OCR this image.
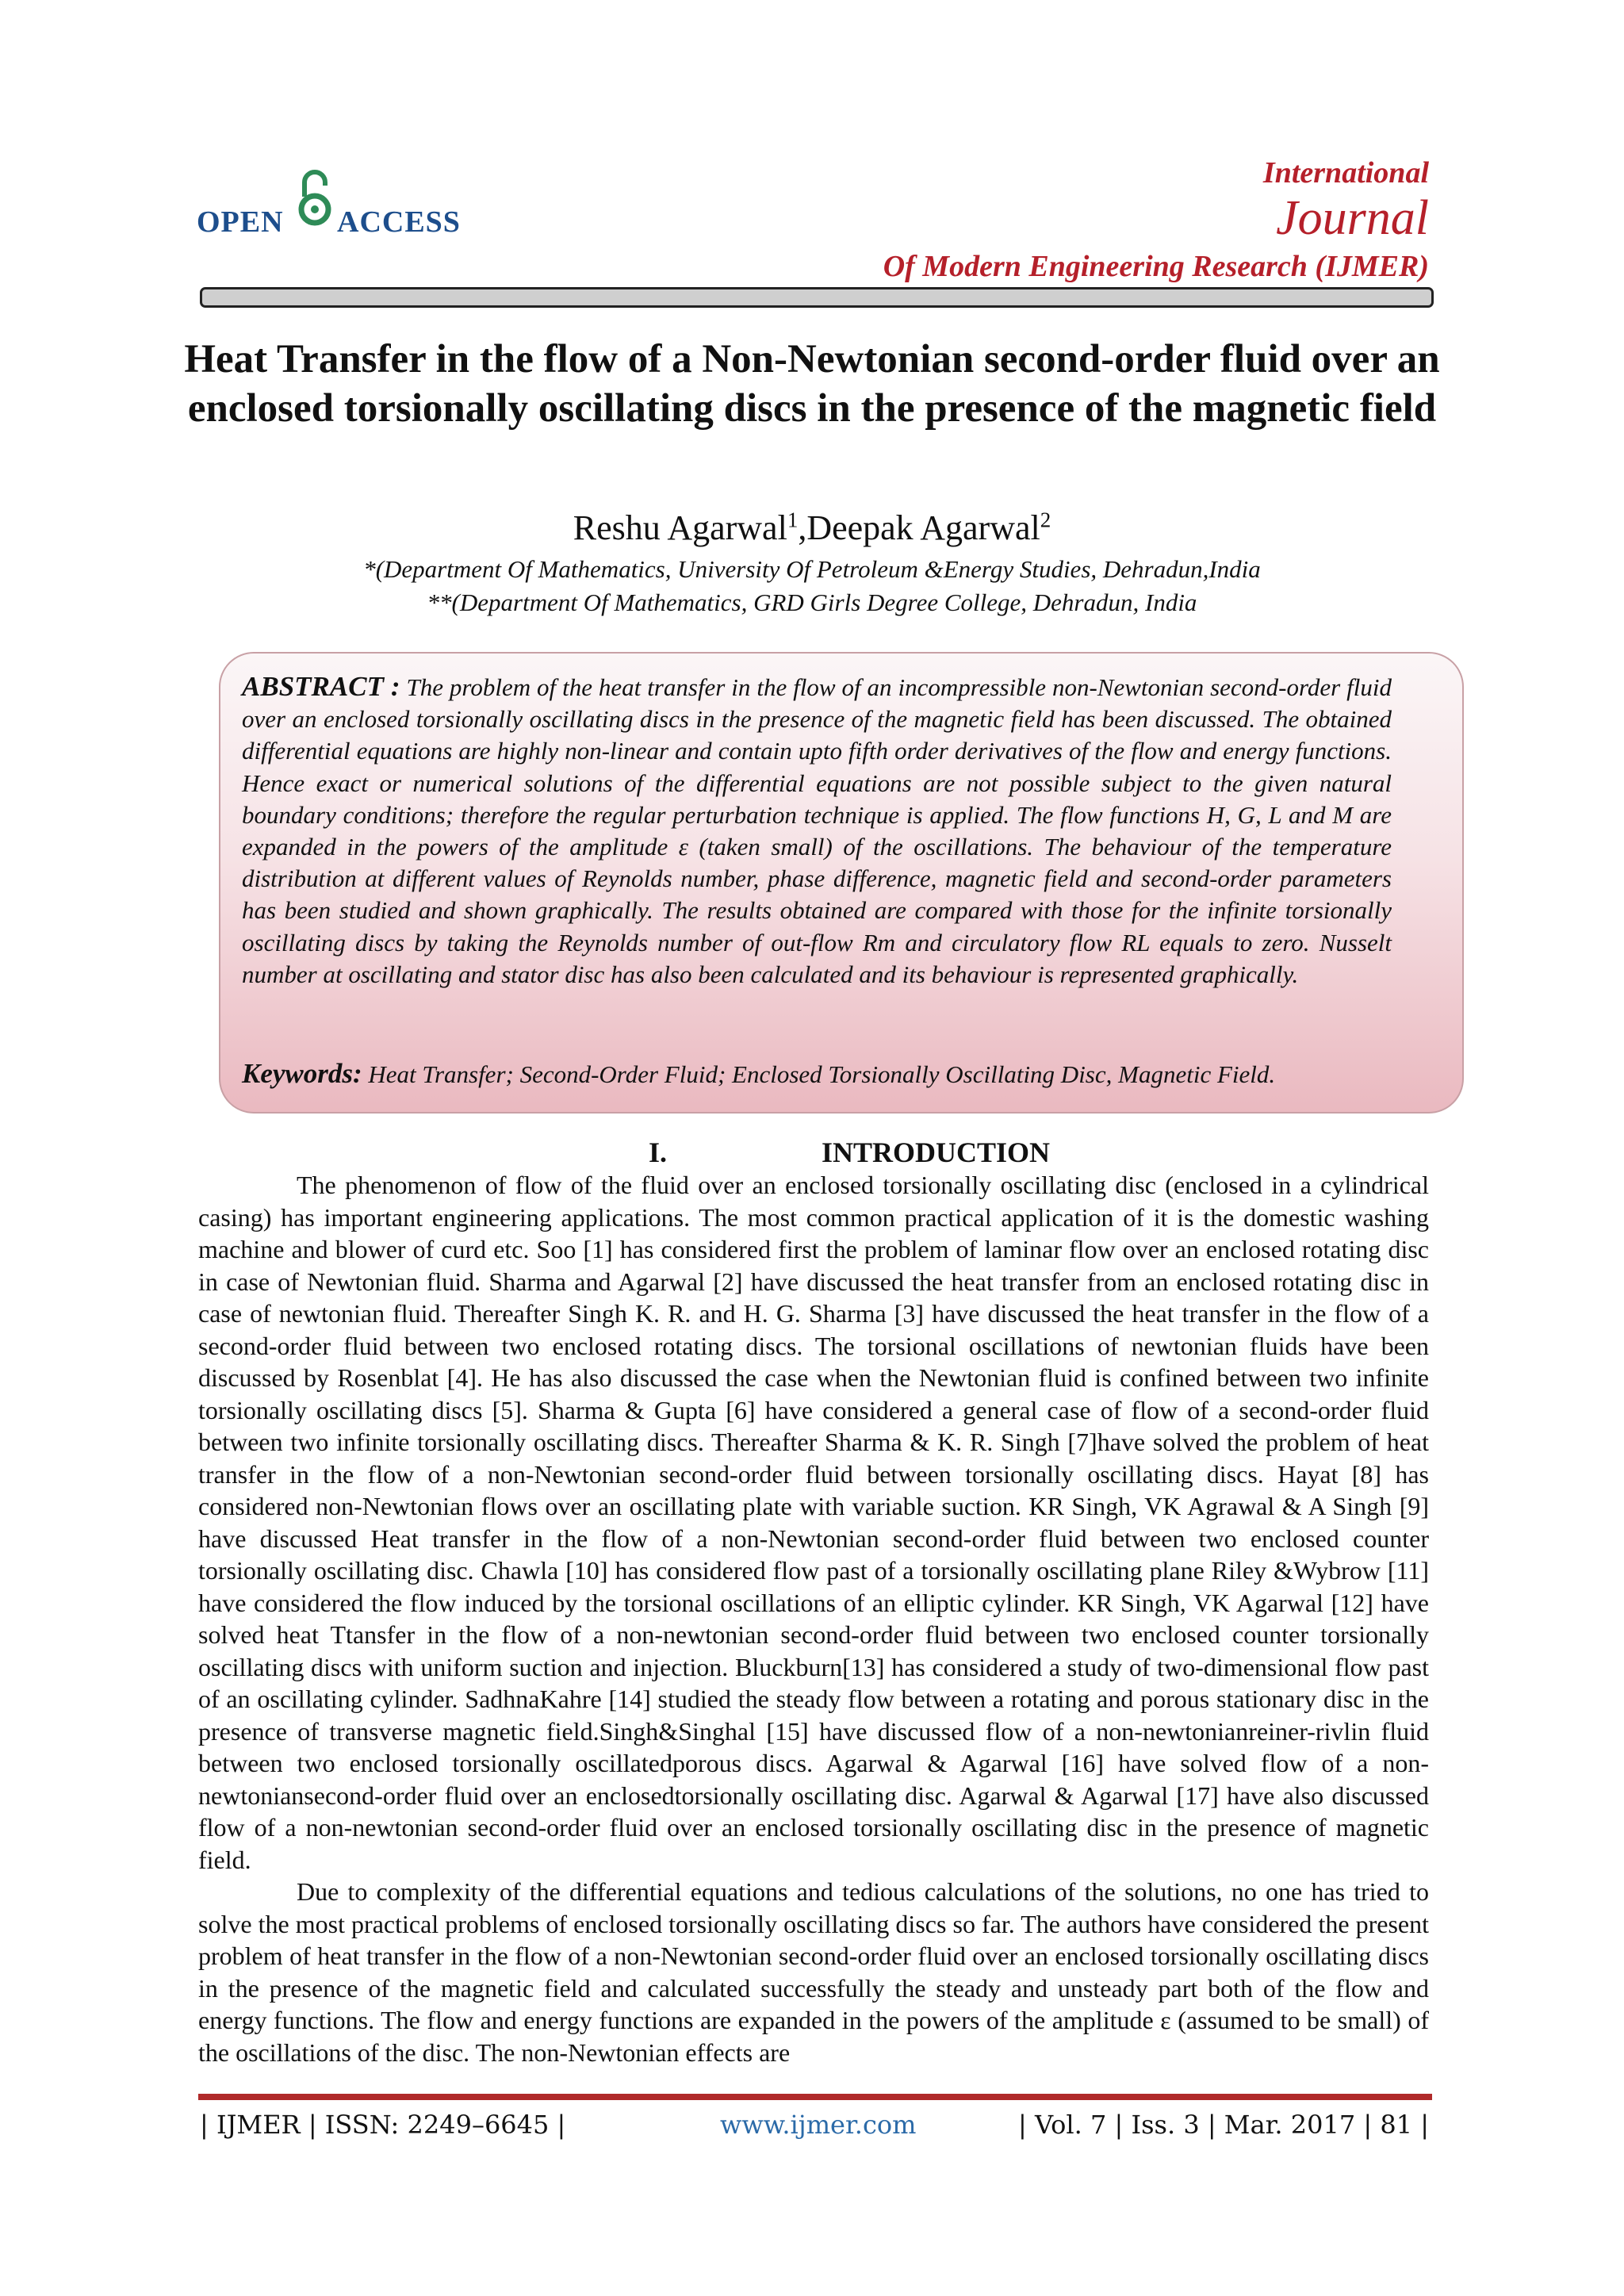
OPEN ACCESS
International
Journal
Of Modern Engineering Research (IJMER)
Heat Transfer in the flow of a Non-Newtonian second-order fluid over an enclosed torsionally oscillating discs in the presence of the magnetic field
Reshu Agarwal$^1$,Deepak Agarwal$^2$
*(Department Of Mathematics, University Of Petroleum &Energy Studies, Dehradun,India
**(Department Of Mathematics, GRD Girls Degree College, Dehradun, India
ABSTRACT : The problem of the heat transfer in the flow of an incompressible non-Newtonian second-order fluid over an enclosed torsionally oscillating discs in the presence of the magnetic field has been discussed. The obtained differential equations are highly non-linear and contain upto fifth order derivatives of the flow and energy functions. Hence exact or numerical solutions of the differential equations are not possible subject to the given natural boundary conditions; therefore the regular perturbation technique is applied. The flow functions H, G, L and M are expanded in the powers of the amplitude ε (taken small) of the oscillations. The behaviour of the temperature distribution at different values of Reynolds number, phase difference, magnetic field and second-order parameters has been studied and shown graphically. The results obtained are compared with those for the infinite torsionally oscillating discs by taking the Reynolds number of out-flow Rm and circulatory flow RL equals to zero. Nusselt number at oscillating and stator disc has also been calculated and its behaviour is represented graphically.
Keywords: Heat Transfer; Second-Order Fluid; Enclosed Torsionally Oscillating Disc, Magnetic Field.
I.	INTRODUCTION

The phenomenon of flow of the fluid over an enclosed torsionally oscillating disc (enclosed in a cylindrical casing) has important engineering applications. The most common practical application of it is the domestic washing machine and blower of curd etc. Soo [1] has considered first the problem of laminar flow over an enclosed rotating disc in case of Newtonian fluid. Sharma and Agarwal [2] have discussed the heat transfer from an enclosed rotating disc in case of newtonian fluid. Thereafter Singh K. R. and H. G. Sharma [3] have discussed the heat transfer in the flow of a second-order fluid between two enclosed rotating discs. The torsional oscillations of newtonian fluids have been discussed by Rosenblat [4]. He has also discussed the case when the Newtonian fluid is confined between two infinite torsionally oscillating discs [5]. Sharma & Gupta [6] have considered a general case of flow of a second-order fluid between two infinite torsionally oscillating discs. Thereafter Sharma & K. R. Singh [7]have solved the problem of heat transfer in the flow of a non-Newtonian second-order fluid between torsionally oscillating discs. Hayat [8] has considered non-Newtonian flows over an oscillating plate with variable suction. KR Singh, VK Agrawal & A Singh [9] have discussed Heat transfer in the flow of a non-Newtonian second-order fluid between two enclosed counter torsionally oscillating disc. Chawla [10] has considered flow past of a torsionally oscillating plane Riley &Wybrow [11] have considered the flow induced by the torsional oscillations of an elliptic cylinder. KR Singh, VK Agarwal [12] have solved heat Ttansfer in the flow of a non-newtonian second-order fluid between two enclosed counter torsionally oscillating discs with uniform suction and injection. Bluckburn[13] has considered a study of two-dimensional flow past of an oscillating cylinder. SadhnaKahre [14] studied the steady flow between a rotating and porous stationary disc in the presence of transverse magnetic field.Singh&Singhal [15] have discussed flow of a non-newtonianreiner-rivlin fluid between two enclosed torsionally oscillatedporous discs. Agarwal & Agarwal [16] have solved flow of a non-newtoniansecond-order fluid over an enclosedtorsionally oscillating disc. Agarwal & Agarwal [17] have also discussed flow of a non-newtonian second-order fluid over an enclosed torsionally oscillating disc in the presence of magnetic field.

Due to complexity of the differential equations and tedious calculations of the solutions, no one has tried to solve the most practical problems of enclosed torsionally oscillating discs so far. The authors have considered the present problem of heat transfer in the flow of a non-Newtonian second-order fluid over an enclosed torsionally oscillating discs in the presence of the magnetic field and calculated successfully the steady and unsteady part both of the flow and energy functions. The flow and energy functions are expanded in the powers of the amplitude ε (assumed to be small) of the oscillations of the disc. The non-Newtonian effects are

| IJMER | ISSN: 2249–6645 |	www.ijmer.com	| Vol. 7 | Iss. 3 | Mar. 2017 | 81 |
